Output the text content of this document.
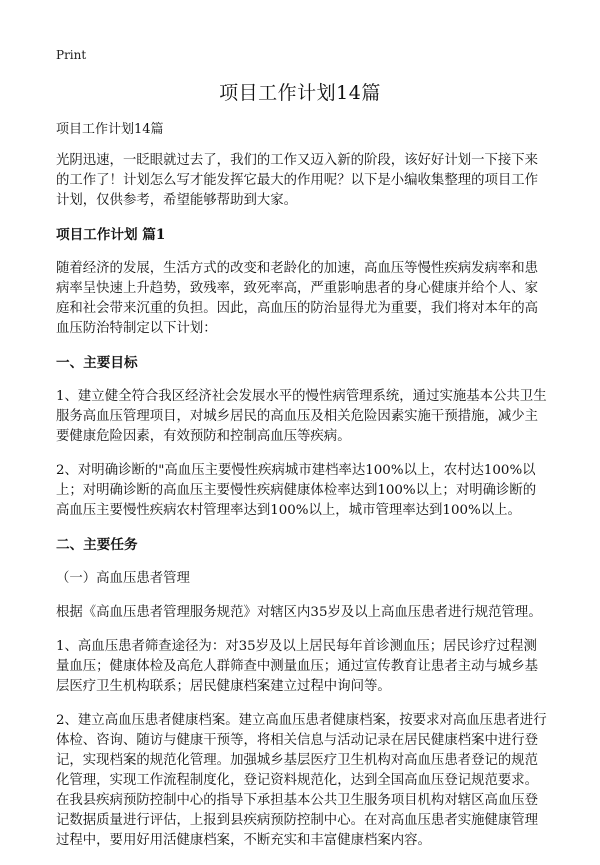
Print
项目工作计划14篇

项目工作计划14篇

光阴迅速，一眨眼就过去了，我们的工作又迈入新的阶段，该好好计划一下接下来的工作了！计划怎么写才能发挥它最大的作用呢？以下是小编收集整理的项目工作计划，仅供参考，希望能够帮助到大家。

项目工作计划 篇1

随着经济的发展，生活方式的改变和老龄化的加速，高血压等慢性疾病发病率和患病率呈快速上升趋势，致残率，致死率高，严重影响患者的身心健康并给个人、家庭和社会带来沉重的负担。因此，高血压的防治显得尤为重要，我们将对本年的高血压防治特制定以下计划：

一、主要目标

1、建立健全符合我区经济社会发展水平的慢性病管理系统，通过实施基本公共卫生服务高血压管理项目，对城乡居民的高血压及相关危险因素实施干预措施，减少主要健康危险因素，有效预防和控制高血压等疾病。

2、对明确诊断的"高血压主要慢性疾病城市建档率达100%以上，农村达100%以上；对明确诊断的高血压主要慢性疾病健康体检率达到100%以上；对明确诊断的高血压主要慢性疾病农村管理率达到100%以上，城市管理率达到100%以上。

二、主要任务

（一）高血压患者管理

根据《高血压患者管理服务规范》对辖区内35岁及以上高血压患者进行规范管理。

1、高血压患者筛查途径为：对35岁及以上居民每年首诊测血压；居民诊疗过程测量血压；健康体检及高危人群筛查中测量血压；通过宣传教育让患者主动与城乡基层医疗卫生机构联系；居民健康档案建立过程中询问等。

2、建立高血压患者健康档案。建立高血压患者健康档案，按要求对高血压患者进行体检、咨询、随访与健康干预等，将相关信息与活动记录在居民健康档案中进行登记，实现档案的规范化管理。加强城乡基层医疗卫生机构对高血压患者登记的规范化管理，实现工作流程制度化，登记资料规范化，达到全国高血压登记规范要求。在我县疾病预防控制中心的指导下承担基本公共卫生服务项目机构对辖区高血压登记数据质量进行评估，上报到县疾病预防控制中心。在对高血压患者实施健康管理过程中，要用好用活健康档案，不断充实和丰富健康档案内容。
